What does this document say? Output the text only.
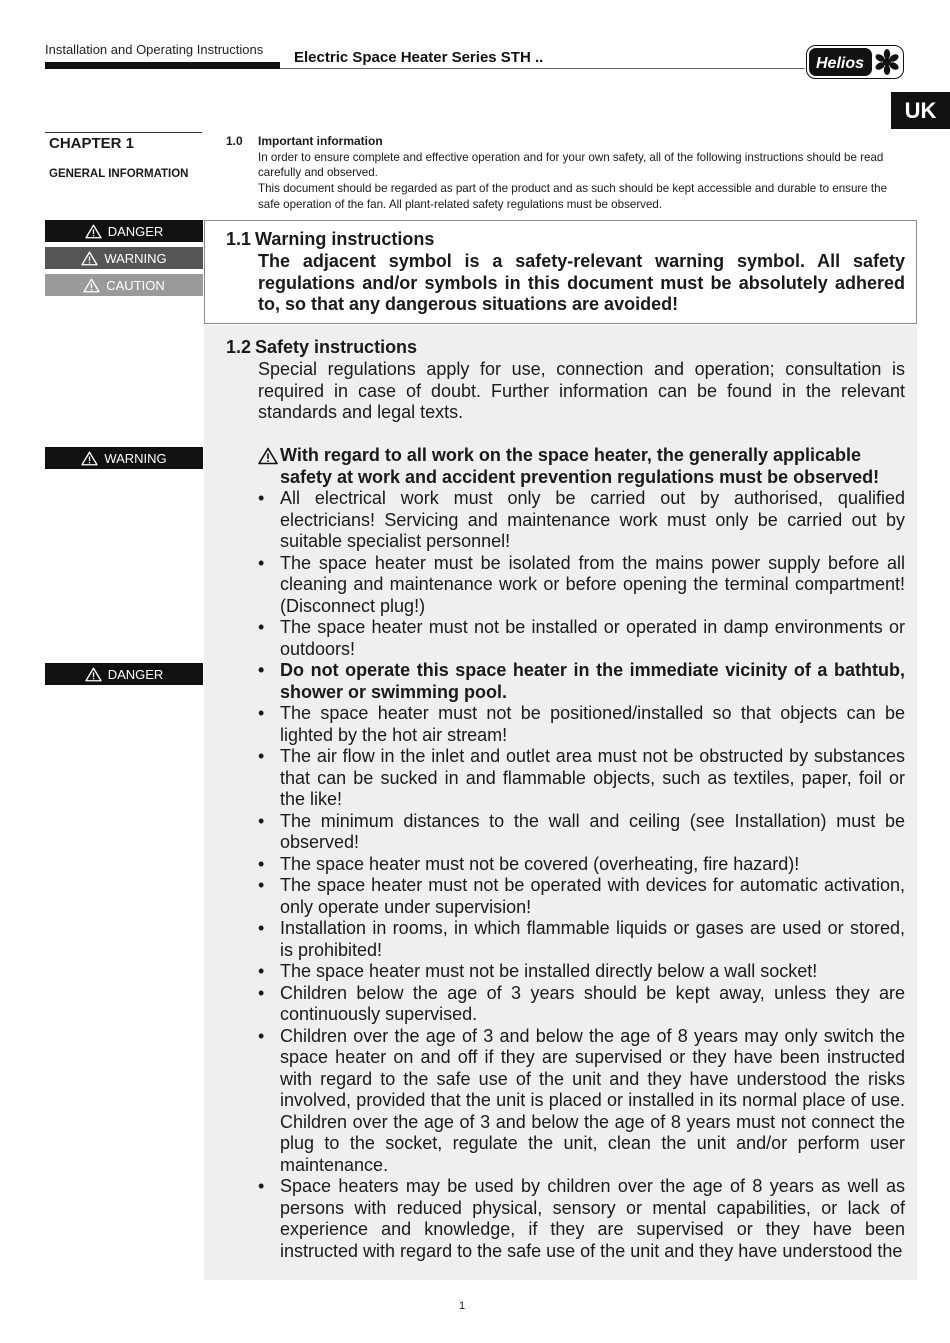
Installation and Operating Instructions Electric Space Heater Series STH ..	Helios
UK
CHAPTER 1
GENERAL INFORMATION
DANGER
WARNING
CAUTION
WARNING
DANGER
1.0 Important information
In order to ensure complete and effective operation and for your own safety, all of the following instructions should be read carefully and observed.
This document should be regarded as part of the product and as such should be kept accessible and durable to ensure the safe operation of the fan. All plant-related safety regulations must be observed.
1.1 Warning instructions
The adjacent symbol is a safety-relevant warning symbol. All safety regulations and/or symbols in this document must be absolutely adhered to, so that any dangerous situations are avoided!
1.2 Safety instructions
Special regulations apply for use, connection and operation; consultation is required in case of doubt. Further information can be found in the relevant standards and legal texts.
With regard to all work on the space heater, the generally applicable safety at work and accident prevention regulations must be observed!
• All electrical work must only be carried out by authorised, qualified electricians! Servicing and maintenance work must only be carried out by suitable specialist personnel!
• The space heater must be isolated from the mains power supply before all cleaning and maintenance work or before opening the terminal compartment! (Disconnect plug!)
• The space heater must not be installed or operated in damp environments or outdoors!
• Do not operate this space heater in the immediate vicinity of a bathtub, shower or swimming pool.
• The space heater must not be positioned/installed so that objects can be lighted by the hot air stream!
• The air flow in the inlet and outlet area must not be obstructed by substances that can be sucked in and flammable objects, such as textiles, paper, foil or the like!
• The minimum distances to the wall and ceiling (see Installation) must be observed!
• The space heater must not be covered (overheating, fire hazard)!
• The space heater must not be operated with devices for automatic activation, only operate under supervision!
• Installation in rooms, in which flammable liquids or gases are used or stored, is prohibited!
• The space heater must not be installed directly below a wall socket!
• Children below the age of 3 years should be kept away, unless they are continuously supervised.
• Children over the age of 3 and below the age of 8 years may only switch the space heater on and off if they are supervised or they have been instructed with regard to the safe use of the unit and they have understood the risks involved, provided that the unit is placed or installed in its normal place of use. Children over the age of 3 and below the age of 8 years must not connect the plug to the socket, regulate the unit, clean the unit and/or perform user maintenance.
• Space heaters may be used by children over the age of 8 years as well as persons with reduced physical, sensory or mental capabilities, or lack of experience and knowledge, if they are supervised or they have been instructed with regard to the safe use of the unit and they have understood the
1
